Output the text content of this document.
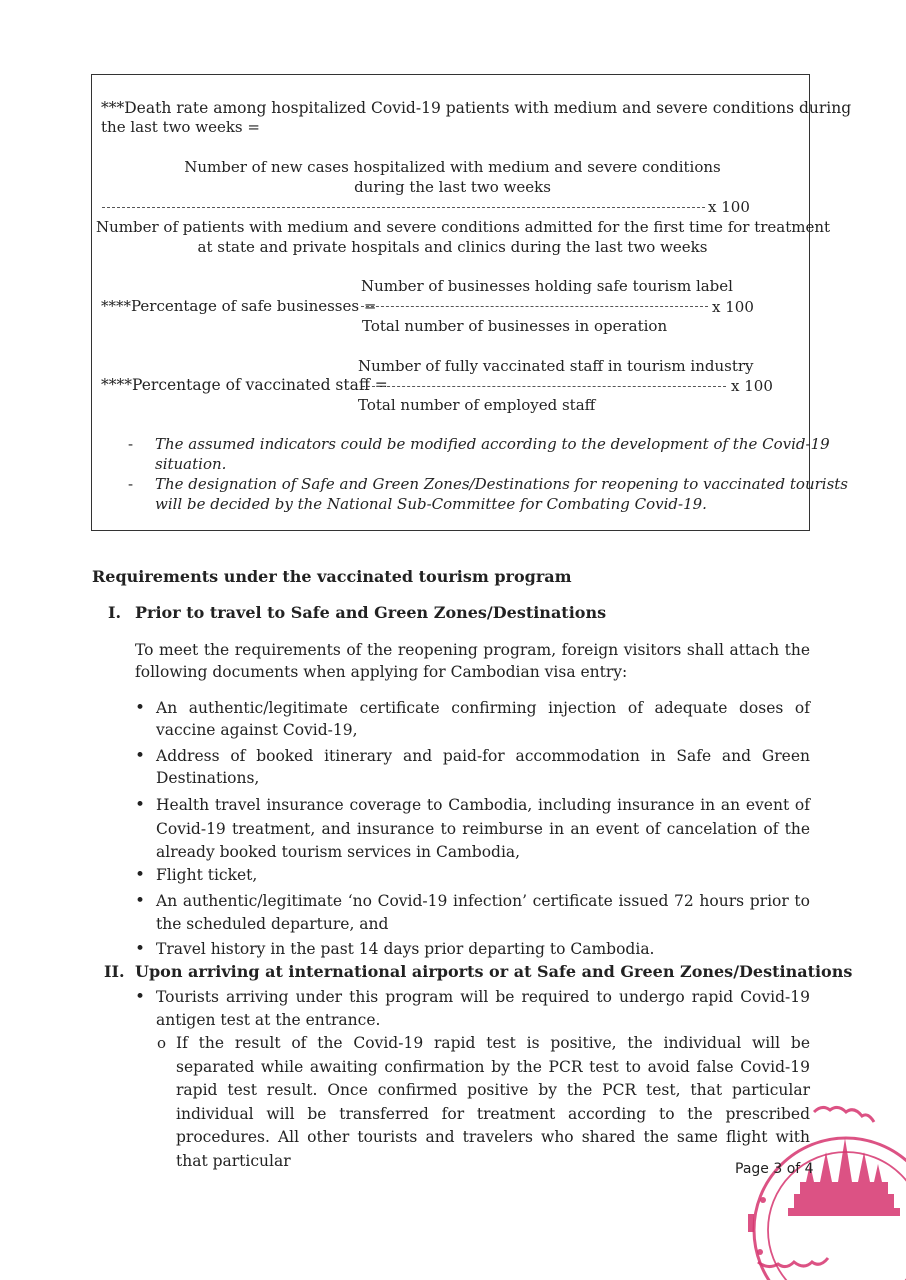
***Death rate among hospitalized Covid-19 patients with medium and severe conditions during
the last two weeks =
Number of new cases hospitalized with medium and severe conditions
during the last two weeks
x 100
Number of patients with medium and severe conditions admitted for the first time for treatment
at state and private hospitals and clinics during the last two weeks
Number of businesses holding safe tourism label
****Percentage of safe businesses =	x 100
Total number of businesses in operation
Number of fully vaccinated staff in tourism industry
****Percentage of vaccinated staff =	x 100
Total number of employed staff
- The assumed indicators could be modified according to the development of the Covid-19
situation.
- The designation of Safe and Green Zones/Destinations for reopening to vaccinated tourists
will be decided by the National Sub-Committee for Combating Covid-19.
Requirements under the vaccinated tourism program
I. Prior to travel to Safe and Green Zones/Destinations
To meet the requirements of the reopening program, foreign visitors shall attach the following documents when applying for Cambodian visa entry:
• An authentic/legitimate certificate confirming injection of adequate doses of vaccine against Covid-19,
• Address of booked itinerary and paid-for accommodation in Safe and Green Destinations,
• Health travel insurance coverage to Cambodia, including insurance in an event of Covid-19 treatment, and insurance to reimburse in an event of cancelation of the already booked tourism services in Cambodia,
• Flight ticket,
• An authentic/legitimate ‘no Covid-19 infection’ certificate issued 72 hours prior to the scheduled departure, and
• Travel history in the past 14 days prior departing to Cambodia.
II. Upon arriving at international airports or at Safe and Green Zones/Destinations
• Tourists arriving under this program will be required to undergo rapid Covid-19 antigen test at the entrance.
o If the result of the Covid-19 rapid test is positive, the individual will be separated while awaiting confirmation by the PCR test to avoid false Covid-19 rapid test result. Once confirmed positive by the PCR test, that particular individual will be transferred for treatment according to the prescribed procedures. All other tourists and travelers who shared the same flight with that particular	Page 3 of 4
